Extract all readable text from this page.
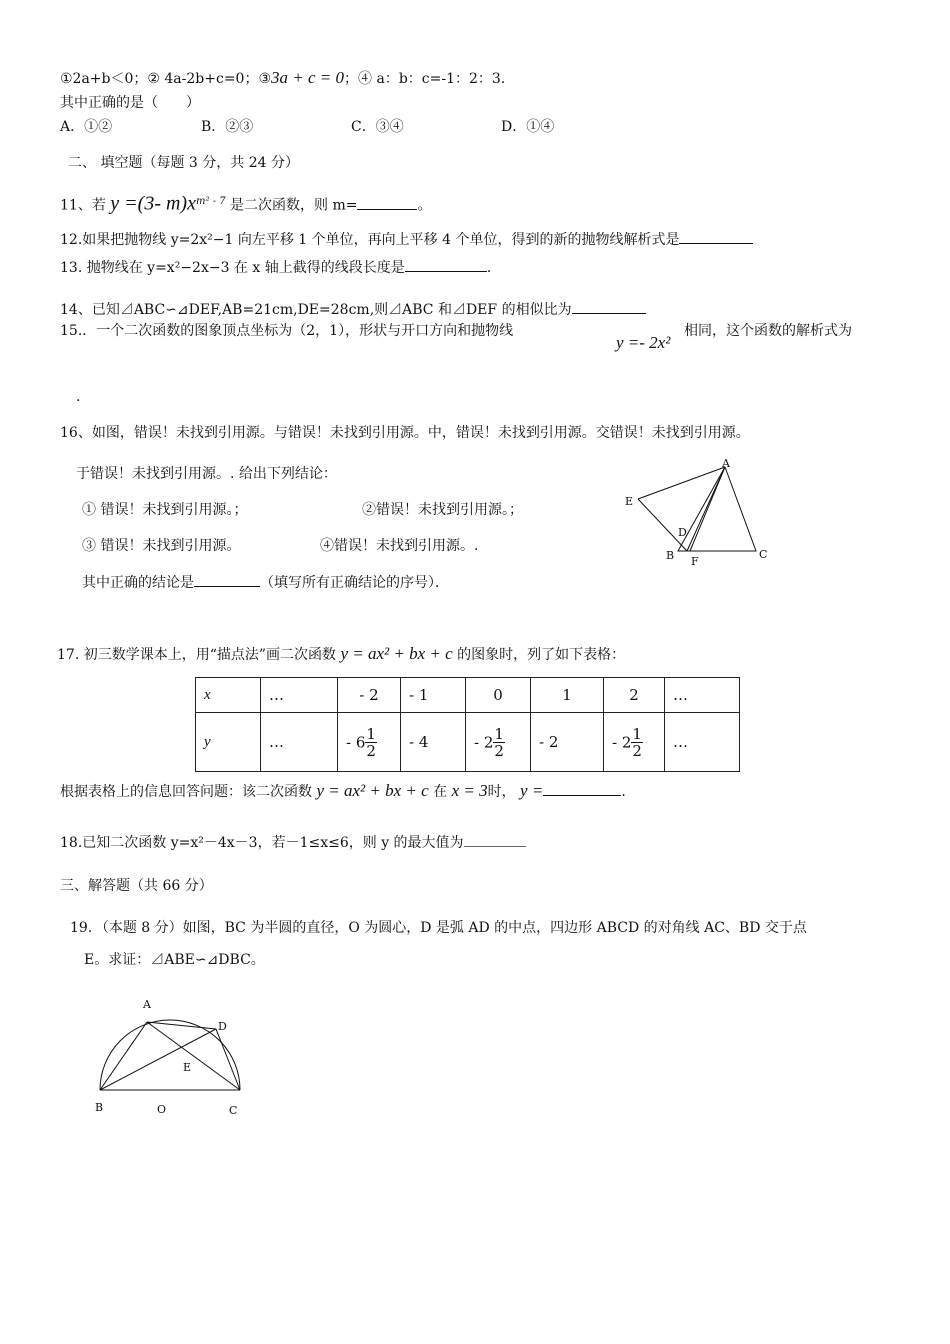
①2a+b＜0；② 4a-2b+c=0；③3a + c = 0；④ a：b：c=-1：2：3．
其中正确的是（　　）
A．①②	B．②③	C．③④	D．①④
二、 填空题（每题 3 分，共 24 分）
11、若 y =(3- $m)x^{m^2 - 7}$ 是二次函数，则 m=	。
12.如果把抛物线 y=2x²−1 向左平移 1 个单位，再向上平移 4 个单位，得到的新的抛物线解析式是
13. 抛物线在 y=x²−2x−3 在 x 轴上截得的线段长度是	.
14、已知⊿ABC∽⊿DEF,AB=21cm,DE=28cm,则⊿ABC 和⊿DEF 的相似比为
15.．一个二次函数的图象顶点坐标为（2，1），形状与开口方向和抛物线
y =- 2x²
相同，这个函数的解析式为
.
16、如图，错误！未找到引用源。与错误！未找到引用源。中，错误！未找到引用源。交错误！未找到引用源。
于错误！未找到引用源。. 给出下列结论：
① 错误！未找到引用源。；	②错误！未找到引用源。；
③ 错误！未找到引用源。	④错误！未找到引用源。.
其中正确的结论是	（填写所有正确结论的序号）．
A
E
D
B F
C
17. 初三数学课本上，用“描点法”画二次函数 y = ax² + bx + c 的图象时，列了如下表格：
x	…	- 2	- 1	0	1	2	…
y	…	- $6 \frac{1}{2}$	- 4	- $2 \frac{1}{2}$	- 2	- $2 \frac{1}{2}$	…
根据表格上的信息回答问题：该二次函数 y = ax² + bx + c 在 x = 3时， y =	.
18.已知二次函数 y=x²－4x－3，若－1≤x≤6，则 y 的最大值为
三、解答题（共 66 分）
19．（本题 8 分）如图，BC 为半圆的直径，O 为圆心，D 是弧 AD 的中点，四边形 ABCD 的对角线 AC、BD 交于点
E。求证：⊿ABE∽⊿DBC。
A
D
E
B	O	C
